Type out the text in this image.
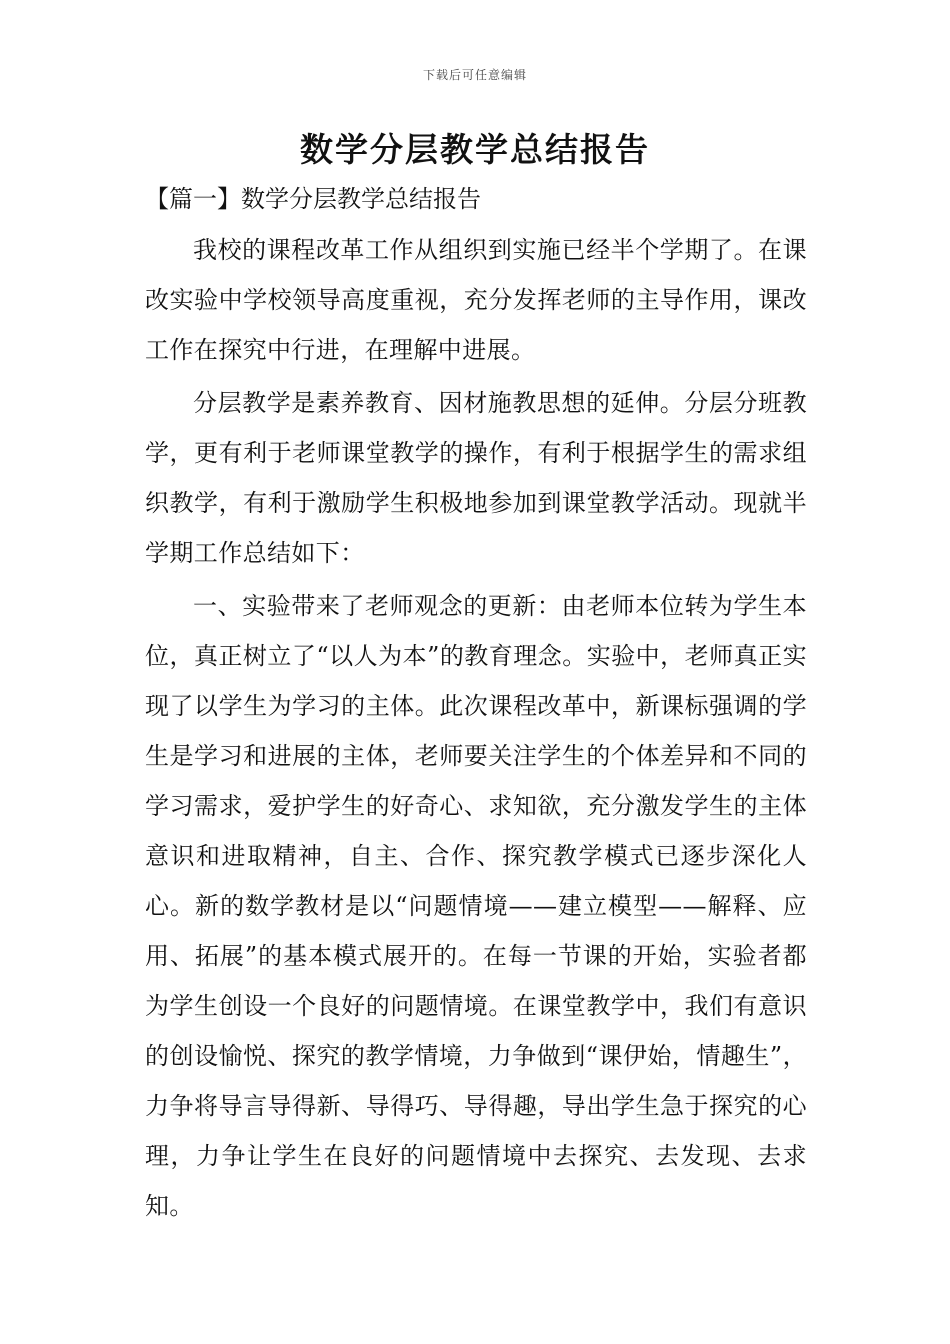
下载后可任意编辑
数学分层教学总结报告
【篇一】数学分层教学总结报告

我校的课程改革工作从组织到实施已经半个学期了。在课改实验中学校领导高度重视，充分发挥老师的主导作用，课改工作在探究中行进，在理解中进展。

分层教学是素养教育、因材施教思想的延伸。分层分班教学，更有利于老师课堂教学的操作，有利于根据学生的需求组织教学，有利于激励学生积极地参加到课堂教学活动。现就半学期工作总结如下：

一、实验带来了老师观念的更新：由老师本位转为学生本位，真正树立了“以人为本”的教育理念。实验中，老师真正实现了以学生为学习的主体。此次课程改革中，新课标强调的学生是学习和进展的主体，老师要关注学生的个体差异和不同的学习需求，爱护学生的好奇心、求知欲，充分激发学生的主体意识和进取精神，自主、合作、探究教学模式已逐步深化人心。新的数学教材是以“问题情境——建立模型——解释、应用、拓展”的基本模式展开的。在每一节课的开始，实验者都为学生创设一个良好的问题情境。在课堂教学中，我们有意识的创设愉悦、探究的教学情境，力争做到“课伊始，情趣生”，力争将导言导得新、导得巧、导得趣，导出学生急于探究的心理，力争让学生在良好的问题情境中去探究、去发现、去求知。
